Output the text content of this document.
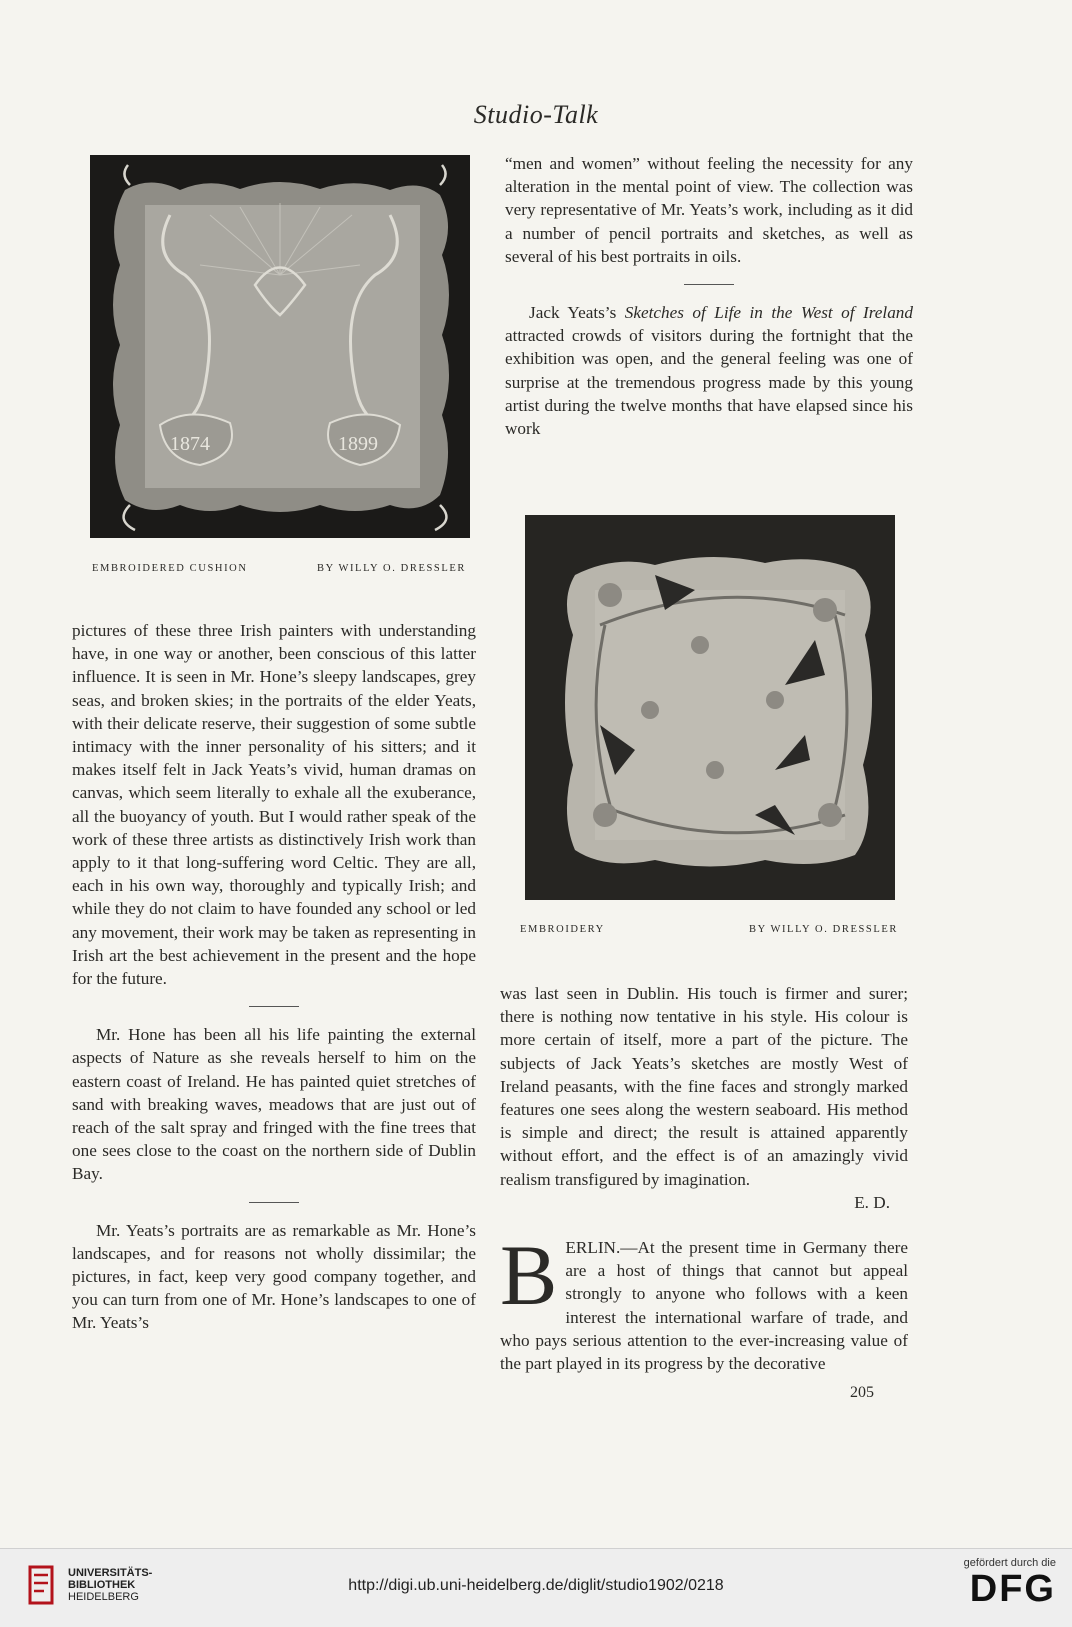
Studio-Talk
1874	1899
EMBROIDERED CUSHION	BY WILLY O. DRESSLER

“men and women” without feeling the necessity for any alteration in the mental point of view. The collection was very representative of Mr. Yeats’s work, including as it did a number of pencil portraits and sketches, as well as several of his best portraits in oils.

Jack Yeats’s Sketches of Life in the West of Ireland attracted crowds of visitors during the fortnight that the exhibition was open, and the general feeling was one of surprise at the tremendous progress made by this young artist during the twelve months that have elapsed since his work

EMBROIDERY	BY WILLY O. DRESSLER

pictures of these three Irish painters with understanding have, in one way or another, been conscious of this latter influence. It is seen in Mr. Hone’s sleepy landscapes, grey seas, and broken skies; in the portraits of the elder Yeats, with their delicate reserve, their suggestion of some subtle intimacy with the inner personality of his sitters; and it makes itself felt in Jack Yeats’s vivid, human dramas on canvas, which seem literally to exhale all the exuberance, all the buoyancy of youth. But I would rather speak of the work of these three artists as distinctively Irish work than apply to it that long-suffering word Celtic. They are all, each in his own way, thoroughly and typically Irish; and while they do not claim to have founded any school or led any movement, their work may be taken as representing in Irish art the best achievement in the present and the hope for the future.

Mr. Hone has been all his life painting the external aspects of Nature as she reveals herself to him on the eastern coast of Ireland. He has painted quiet stretches of sand with breaking waves, meadows that are just out of reach of the salt spray and fringed with the fine trees that one sees close to the coast on the northern side of Dublin Bay.

Mr. Yeats’s portraits are as remarkable as Mr. Hone’s landscapes, and for reasons not wholly dissimilar; the pictures, in fact, keep very good company together, and you can turn from one of Mr. Hone’s landscapes to one of Mr. Yeats’s

was last seen in Dublin. His touch is firmer and surer; there is nothing now tentative in his style. His colour is more certain of itself, more a part of the picture. The subjects of Jack Yeats’s sketches are mostly West of Ireland peasants, with the fine faces and strongly marked features one sees along the western seaboard. His method is simple and direct; the result is attained apparently without effort, and the effect is of an amazingly vivid realism transfigured by imagination.

E. D.

BERLIN.—At the present time in Germany there are a host of things that cannot but appeal strongly to anyone who follows with a keen interest the international warfare of trade, and who pays serious attention to the ever-increasing value of the part played in its progress by the decorative

205
UNIVERSITÄTS-
BIBLIOTHEK
HEIDELBERG
http://digi.ub.uni-heidelberg.de/diglit/studio1902/0218
gefördert durch die
DFG
